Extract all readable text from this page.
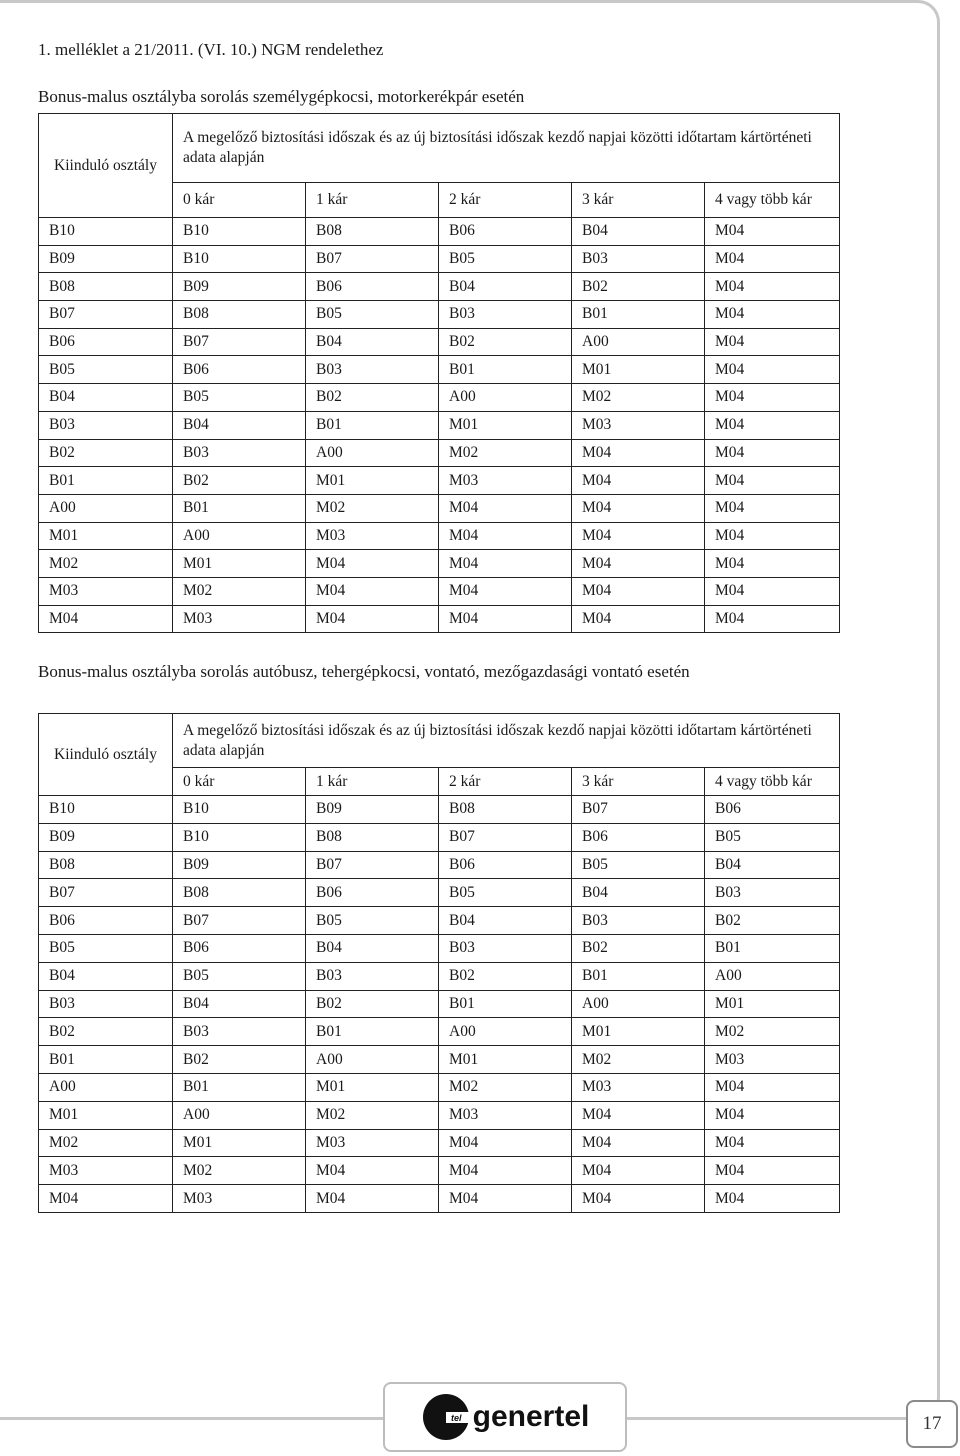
1. melléklet a 21/2011. (VI. 10.) NGM rendelethez
Bonus-malus osztályba sorolás személygépkocsi, motorkerékpár esetén
Kiinduló osztály	A megelőző biztosítási időszak és az új biztosítási időszak kezdő napjai közötti időtartam kártörténeti adata alapján				
	0 kár	1 kár	2 kár	3 kár	4 vagy több kár
B10	B10	B08	B06	B04	M04
B09	B10	B07	B05	B03	M04
B08	B09	B06	B04	B02	M04
B07	B08	B05	B03	B01	M04
B06	B07	B04	B02	A00	M04
B05	B06	B03	B01	M01	M04
B04	B05	B02	A00	M02	M04
B03	B04	B01	M01	M03	M04
B02	B03	A00	M02	M04	M04
B01	B02	M01	M03	M04	M04
A00	B01	M02	M04	M04	M04
M01	A00	M03	M04	M04	M04
M02	M01	M04	M04	M04	M04
M03	M02	M04	M04	M04	M04
M04	M03	M04	M04	M04	M04
Bonus-malus osztályba sorolás autóbusz, tehergépkocsi, vontató, mezőgazdasági vontató esetén
Kiinduló osztály	A megelőző biztosítási időszak és az új biztosítási időszak kezdő napjai közötti időtartam kártörténeti adata alapján				
	0 kár	1 kár	2 kár	3 kár	4 vagy több kár
B10	B10	B09	B08	B07	B06
B09	B10	B08	B07	B06	B05
B08	B09	B07	B06	B05	B04
B07	B08	B06	B05	B04	B03
B06	B07	B05	B04	B03	B02
B05	B06	B04	B03	B02	B01
B04	B05	B03	B02	B01	A00
B03	B04	B02	B01	A00	M01
B02	B03	B01	A00	M01	M02
B01	B02	A00	M01	M02	M03
A00	B01	M01	M02	M03	M04
M01	A00	M02	M03	M04	M04
M02	M01	M03	M04	M04	M04
M03	M02	M04	M04	M04	M04
M04	M03	M04	M04	M04	M04
tel genertel	17
